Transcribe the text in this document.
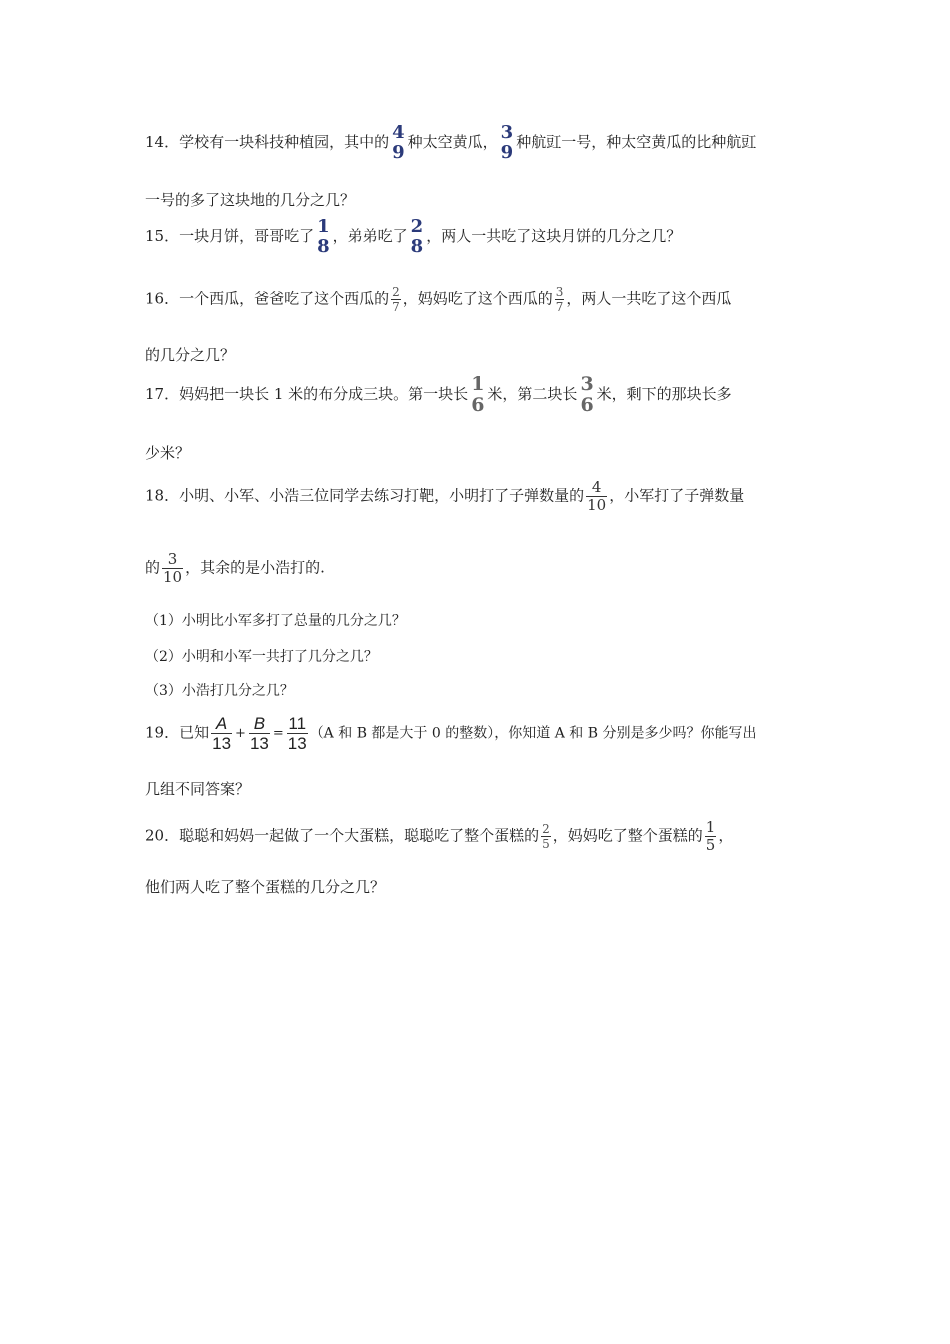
14．学校有一块科技种植园，其中的 4
9 种太空黄瓜， 3
9 种航豇一号，种太空黄瓜的比种航豇
一号的多了这块地的几分之几？
15．一块月饼，哥哥吃了 1
8 ，弟弟吃了 2
8 ，两人一共吃了这块月饼的几分之几？
16．一个西瓜，爸爸吃了这个西瓜的 $\frac{2}{7}$ ，妈妈吃了这个西瓜的 $\frac{3}{7}$ ，两人一共吃了这个西瓜
的几分之几？
17．妈妈把一块长 1 米的布分成三块。第一块长 1
6 米，第二块长 3
6 米，剩下的那块长多
少米？
18．小明、小军、小浩三位同学去练习打靶，小明打了子弹数量的 $\frac{4}{10}$ ，小军打了子弹数量
的 $\frac{3}{10}$ ，其余的是小浩打的.
（1）小明比小军多打了总量的几分之几？
（2）小明和小军一共打了几分之几？
（3）小浩打几分之几？
19．已知 $\frac{A}{13} + \frac{B}{13} = \frac{11}{13} (A$ 和 B 都是大于 0 的整数），你知道 A 和 B 分别是多少吗？你能写出
几组不同答案？
20．聪聪和妈妈一起做了一个大蛋糕，聪聪吃了整个蛋糕的 $\frac{2}{5}$ ，妈妈吃了整个蛋糕的 $\frac{1}{5}$ ，
他们两人吃了整个蛋糕的几分之几？
